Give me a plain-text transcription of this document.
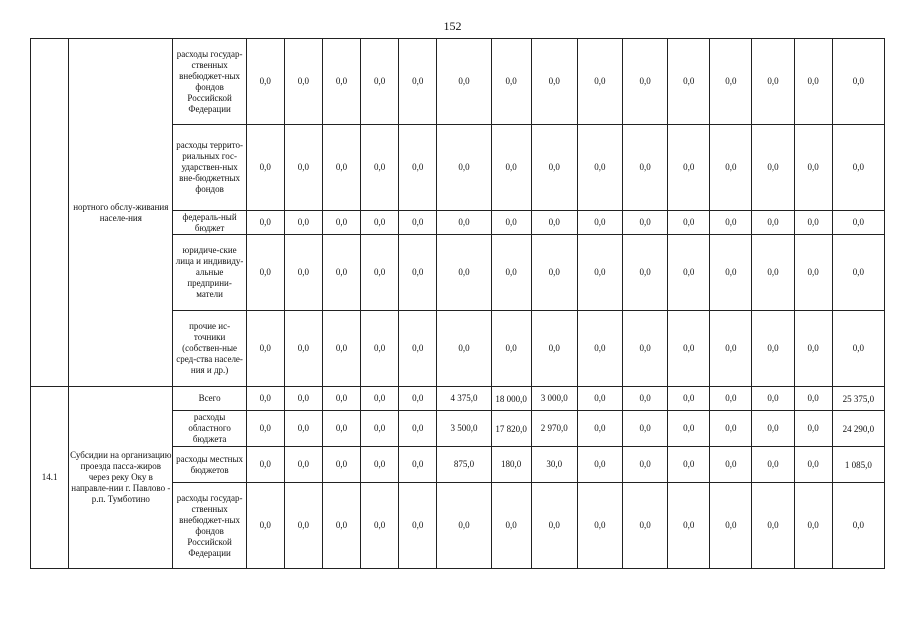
152
	нортного обслу-живания населе-ния	расходы государ-ственных внебюджет-ных фондов Российской Федерации	0,0	0,0	0,0	0,0	0,0	0,0	0,0	0,0	0,0	0,0	0,0	0,0	0,0	0,0	0,0
		расходы террито-риальных гос-ударствен-ных вне-бюджетных фондов	0,0	0,0	0,0	0,0	0,0	0,0	0,0	0,0	0,0	0,0	0,0	0,0	0,0	0,0	0,0
		федераль-ный бюджет	0,0	0,0	0,0	0,0	0,0	0,0	0,0	0,0	0,0	0,0	0,0	0,0	0,0	0,0	0,0
		юридиче-ские лица и индивиду-альные предприни-матели	0,0	0,0	0,0	0,0	0,0	0,0	0,0	0,0	0,0	0,0	0,0	0,0	0,0	0,0	0,0
		прочие ис-точники (собствен-ные сред-ства населе-ния и др.)	0,0	0,0	0,0	0,0	0,0	0,0	0,0	0,0	0,0	0,0	0,0	0,0	0,0	0,0	0,0
14.1	Субсидии на организацию проезда пасса-жиров через реку Оку в направле-нии г. Павлово - р.п. Тумботино	Всего	0,0	0,0	0,0	0,0	0,0	4 375,0	18 000,0	3 000,0	0,0	0,0	0,0	0,0	0,0	0,0	25 375,0
		расходы областного бюджета	0,0	0,0	0,0	0,0	0,0	3 500,0	17 820,0	2 970,0	0,0	0,0	0,0	0,0	0,0	0,0	24 290,0
		расходы местных бюджетов	0,0	0,0	0,0	0,0	0,0	875,0	180,0	30,0	0,0	0,0	0,0	0,0	0,0	0,0	1 085,0
		расходы государ-ственных внебюджет-ных фондов Российской Федерации	0,0	0,0	0,0	0,0	0,0	0,0	0,0	0,0	0,0	0,0	0,0	0,0	0,0	0,0	0,0
